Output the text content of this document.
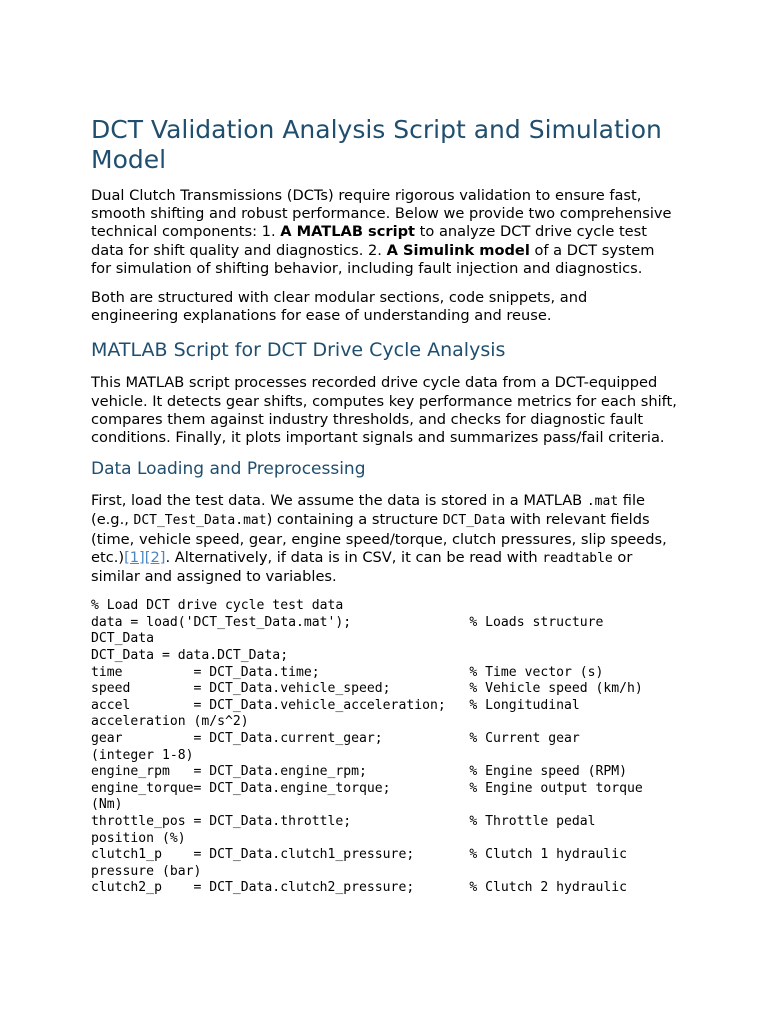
DCT Validation Analysis Script and Simulation Model

Dual Clutch Transmissions (DCTs) require rigorous validation to ensure fast, smooth shifting and robust performance. Below we provide two comprehensive technical components: 1. A MATLAB script to analyze DCT drive cycle test data for shift quality and diagnostics. 2. A Simulink model of a DCT system for simulation of shifting behavior, including fault injection and diagnostics.

Both are structured with clear modular sections, code snippets, and engineering explanations for ease of understanding and reuse.

MATLAB Script for DCT Drive Cycle Analysis

This MATLAB script processes recorded drive cycle data from a DCT-equipped vehicle. It detects gear shifts, computes key performance metrics for each shift, compares them against industry thresholds, and checks for diagnostic fault conditions. Finally, it plots important signals and summarizes pass/fail criteria.

Data Loading and Preprocessing

First, load the test data. We assume the data is stored in a MATLAB .mat file (e.g., DCT_Test_Data.mat) containing a structure DCT_Data with relevant fields (time, vehicle speed, gear, engine speed/torque, clutch pressures, slip speeds, etc.)[1][2]. Alternatively, if data is in CSV, it can be read with readtable or similar and assigned to variables.

% Load DCT drive cycle test data
data = load('DCT_Test_Data.mat');               % Loads structure
DCT_Data
DCT_Data = data.DCT_Data;
time         = DCT_Data.time;                   % Time vector (s)
speed        = DCT_Data.vehicle_speed;          % Vehicle speed (km/h)
accel        = DCT_Data.vehicle_acceleration;   % Longitudinal
acceleration (m/s^2)
gear         = DCT_Data.current_gear;           % Current gear
(integer 1-8)
engine_rpm   = DCT_Data.engine_rpm;             % Engine speed (RPM)
engine_torque= DCT_Data.engine_torque;          % Engine output torque
(Nm)
throttle_pos = DCT_Data.throttle;               % Throttle pedal
position (%)
clutch1_p    = DCT_Data.clutch1_pressure;       % Clutch 1 hydraulic
pressure (bar)
clutch2_p    = DCT_Data.clutch2_pressure;       % Clutch 2 hydraulic
